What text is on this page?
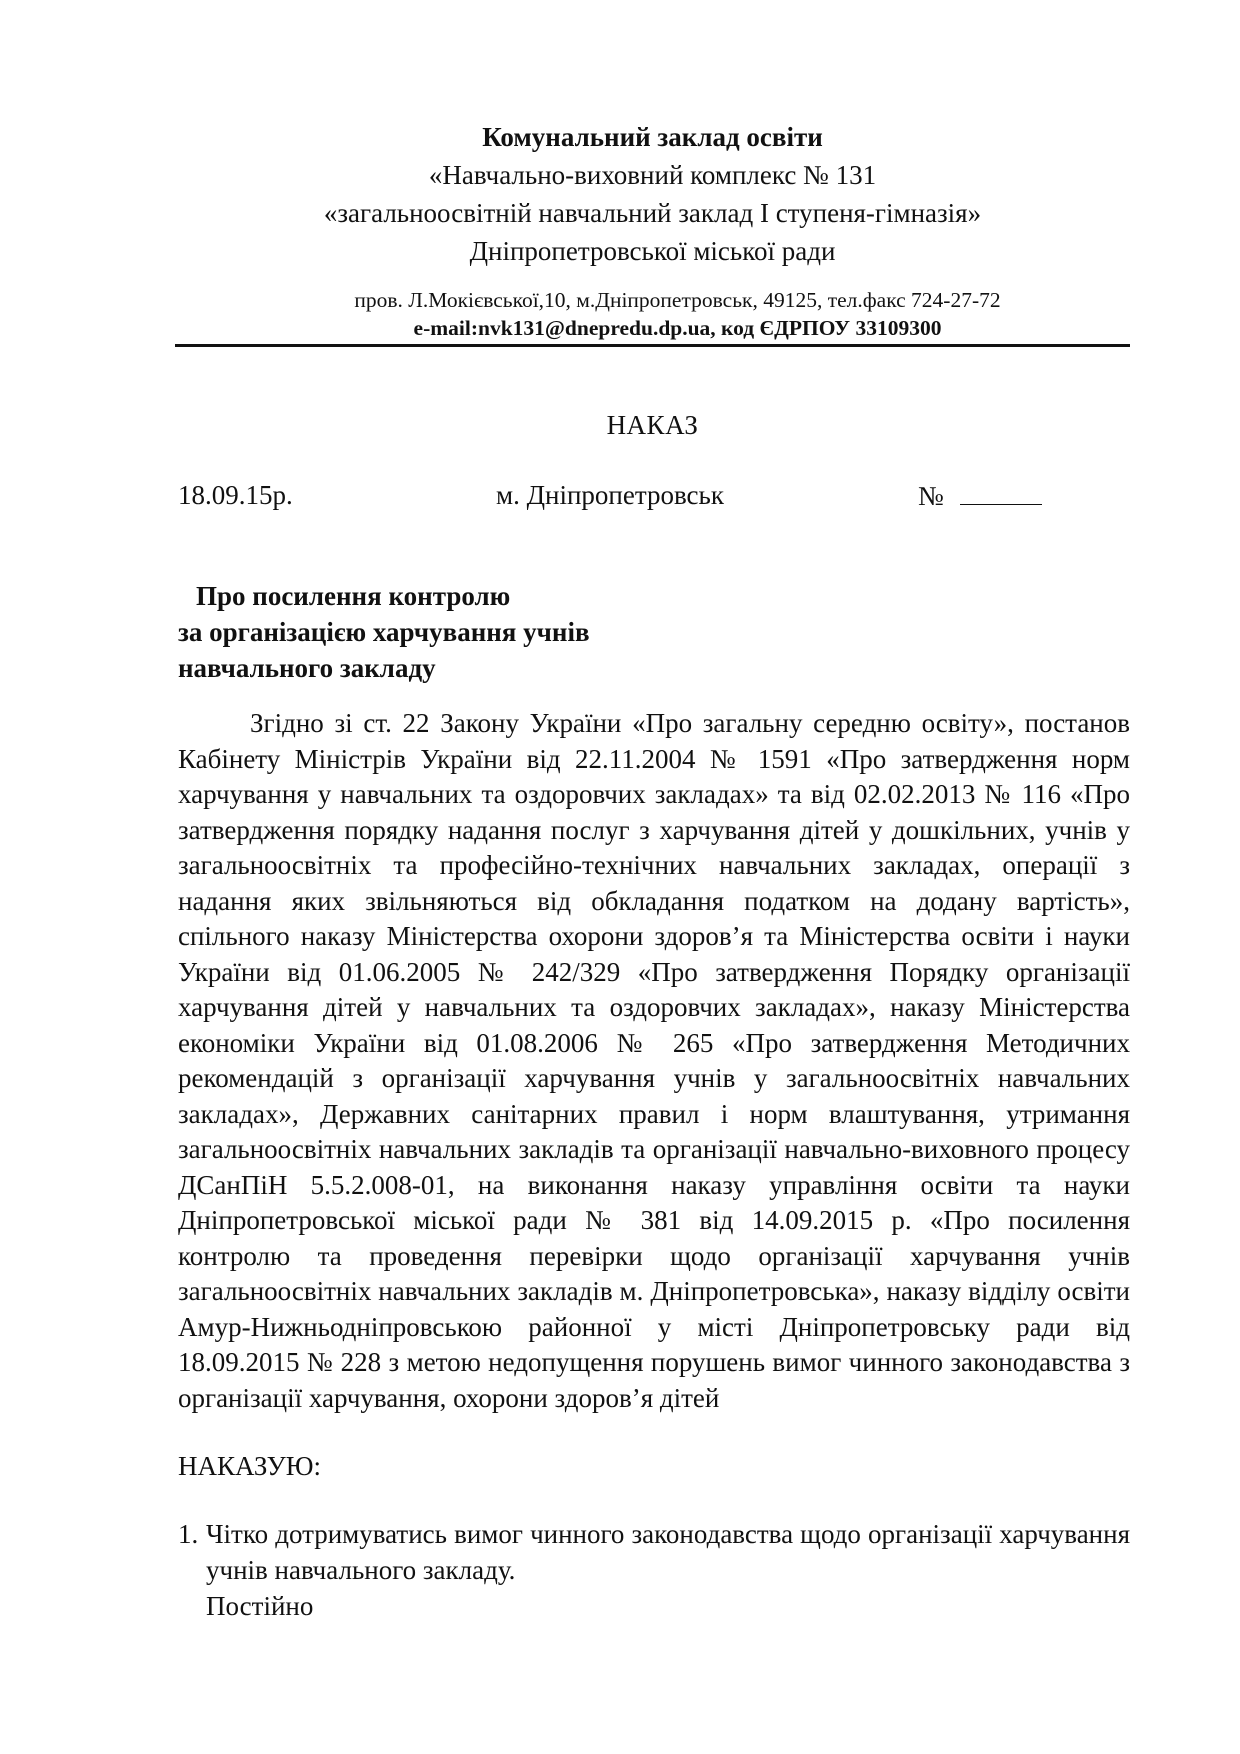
Комунальний заклад освіти
«Навчально-виховний комплекс № 131
«загальноосвітній навчальний заклад І ступеня-гімназія»
Дніпропетровської міської ради
пров. Л.Мокієвської,10, м.Дніпропетровськ, 49125, тел.факс 724-27-72
e-mail:nvk131@dnepredu.dp.ua, код ЄДРПОУ 33109300
НАКАЗ
18.09.15р.	м. Дніпропетровськ	№
Про посилення контролю
за організацією харчування учнів
навчального закладу

Згідно зі ст. 22 Закону України «Про загальну середню освіту», постанов Кабінету Міністрів України від 22.11.2004 № 1591 «Про затвердження норм харчування у навчальних та оздоровчих закладах» та від 02.02.2013 № 116 «Про затвердження порядку надання послуг з харчування дітей у дошкільних, учнів у загальноосвітніх та професійно-технічних навчальних закладах, операції з надання яких звільняються від обкладання податком на додану вартість», спільного наказу Міністерства охорони здоров’я та Міністерства освіти і науки України від 01.06.2005 № 242/329 «Про затвердження Порядку організації харчування дітей у навчальних та оздоровчих закладах», наказу Міністерства економіки України від 01.08.2006 № 265 «Про затвердження Методичних рекомендацій з організації харчування учнів у загальноосвітніх навчальних закладах», Державних санітарних правил і норм влаштування, утримання загальноосвітніх навчальних закладів та організації навчально-виховного процесу ДСанПіН 5.5.2.008-01, на виконання наказу управління освіти та науки Дніпропетровської міської ради № 381 від 14.09.2015 р. «Про посилення контролю та проведення перевірки щодо організації харчування учнів загальноосвітніх навчальних закладів м. Дніпропетровська», наказу відділу освіти Амур-Нижньодніпровською районної у місті Дніпропетровську ради від 18.09.2015 № 228 з метою недопущення порушень вимог чинного законодавства з організації харчування, охорони здоров’я дітей

НАКАЗУЮ:
1. Чітко дотримуватись вимог чинного законодавства щодо організації харчування учнів навчального закладу.
Постійно
